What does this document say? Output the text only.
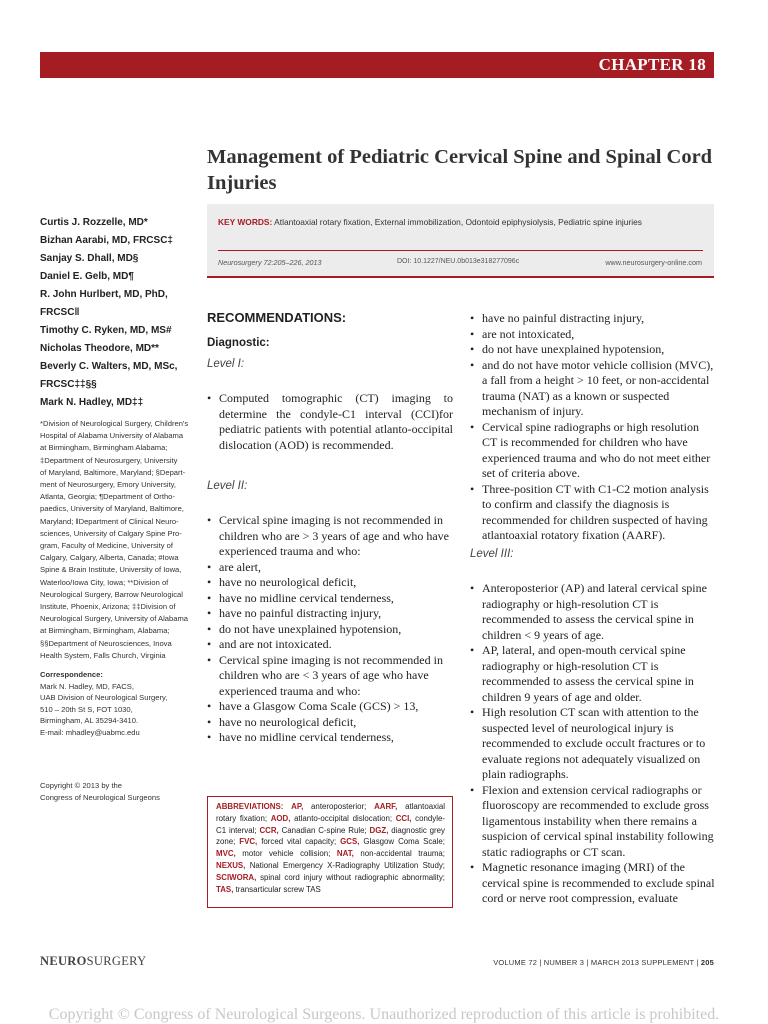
CHAPTER 18
Management of Pediatric Cervical Spine and Spinal Cord Injuries
Curtis J. Rozzelle, MD*
Bizhan Aarabi, MD, FRCSC‡
Sanjay S. Dhall, MD§
Daniel E. Gelb, MD¶
R. John Hurlbert, MD, PhD,
FRCSC‖
Timothy C. Ryken, MD, MS#
Nicholas Theodore, MD**
Beverly C. Walters, MD, MSc,
FRCSC‡‡§§
Mark N. Hadley, MD‡‡
*Division of Neurological Surgery, Children's
Hospital of Alabama University of Alabama
at Birmingham, Birmingham Alabama;
‡Department of Neurosurgery, University
of Maryland, Baltimore, Maryland; §Depart-
ment of Neurosurgery, Emory University,
Atlanta, Georgia; ¶Department of Ortho-
paedics, University of Maryland, Baltimore,
Maryland; ‖Department of Clinical Neuro-
sciences, University of Calgary Spine Pro-
gram, Faculty of Medicine, University of
Calgary, Calgary, Alberta, Canada; #Iowa
Spine & Brain Institute, University of Iowa,
Waterloo/Iowa City, Iowa; **Division of
Neurological Surgery, Barrow Neurological
Institute, Phoenix, Arizona; ‡‡Division of
Neurological Surgery, University of Alabama
at Birmingham, Birmingham, Alabama;
§§Department of Neurosciences, Inova
Health System, Falls Church, Virginia
Correspondence:
Mark N. Hadley, MD, FACS,
UAB Division of Neurological Surgery,
510 – 20th St S, FOT 1030,
Birmingham, AL 35294-3410.
E-mail: mhadley@uabmc.edu
Copyright © 2013 by the
Congress of Neurological Surgeons
KEY WORDS: Atlantoaxial rotary fixation, External immobilization, Odontoid epiphysiolysis, Pediatric spine injuries
Neurosurgery 72:205–226, 2013	DOI: 10.1227/NEU.0b013e318277096c	www.neurosurgery-online.com
RECOMMENDATIONS:
Diagnostic:
Level I:
• Computed tomographic (CT) imaging to determine the condyle-C1 interval (CCI)for pediatric patients with potential atlanto-occipital dislocation (AOD) is recommended.
Level II:
• Cervical spine imaging is not recommended in children who are > 3 years of age and who have experienced trauma and who:
• are alert,
• have no neurological deficit,
• have no midline cervical tenderness,
• have no painful distracting injury,
• do not have unexplained hypotension,
• and are not intoxicated.
• Cervical spine imaging is not recommended in children who are < 3 years of age who have experienced trauma and who:
• have a Glasgow Coma Scale (GCS) > 13,
• have no neurological deficit,
• have no midline cervical tenderness,
• have no painful distracting injury,
• are not intoxicated,
• do not have unexplained hypotension,
• and do not have motor vehicle collision (MVC), a fall from a height > 10 feet, or non-accidental trauma (NAT) as a known or suspected mechanism of injury.
• Cervical spine radiographs or high resolution CT is recommended for children who have experienced trauma and who do not meet either set of criteria above.
• Three-position CT with C1-C2 motion analysis to confirm and classify the diagnosis is recommended for children suspected of having atlantoaxial rotatory fixation (AARF).
Level III:
• Anteroposterior (AP) and lateral cervical spine radiography or high-resolution CT is recommended to assess the cervical spine in children < 9 years of age.
• AP, lateral, and open-mouth cervical spine radiography or high-resolution CT is recommended to assess the cervical spine in children 9 years of age and older.
• High resolution CT scan with attention to the suspected level of neurological injury is recommended to exclude occult fractures or to evaluate regions not adequately visualized on plain radiographs.
• Flexion and extension cervical radiographs or fluoroscopy are recommended to exclude gross ligamentous instability when there remains a suspicion of cervical spinal instability following static radiographs or CT scan.
• Magnetic resonance imaging (MRI) of the cervical spine is recommended to exclude spinal cord or nerve root compression, evaluate
ABBREVIATIONS: AP, anteroposterior; AARF, atlantoaxial rotary fixation; AOD, atlanto-occipital dislocation; CCI, condyle-C1 interval; CCR, Canadian C-spine Rule; DGZ, diagnostic grey zone; FVC, forced vital capacity; GCS, Glasgow Coma Scale; MVC, motor vehicle collision; NAT, non-accidental trauma; NEXUS, National Emergency X-Radiography Utilization Study; SCIWORA, spinal cord injury without radiographic abnormality; TAS, transarticular screw TAS
NEUROSURGERY	VOLUME 72 | NUMBER 3 | MARCH 2013 SUPPLEMENT | 205
Copyright © Congress of Neurological Surgeons. Unauthorized reproduction of this article is prohibited.
